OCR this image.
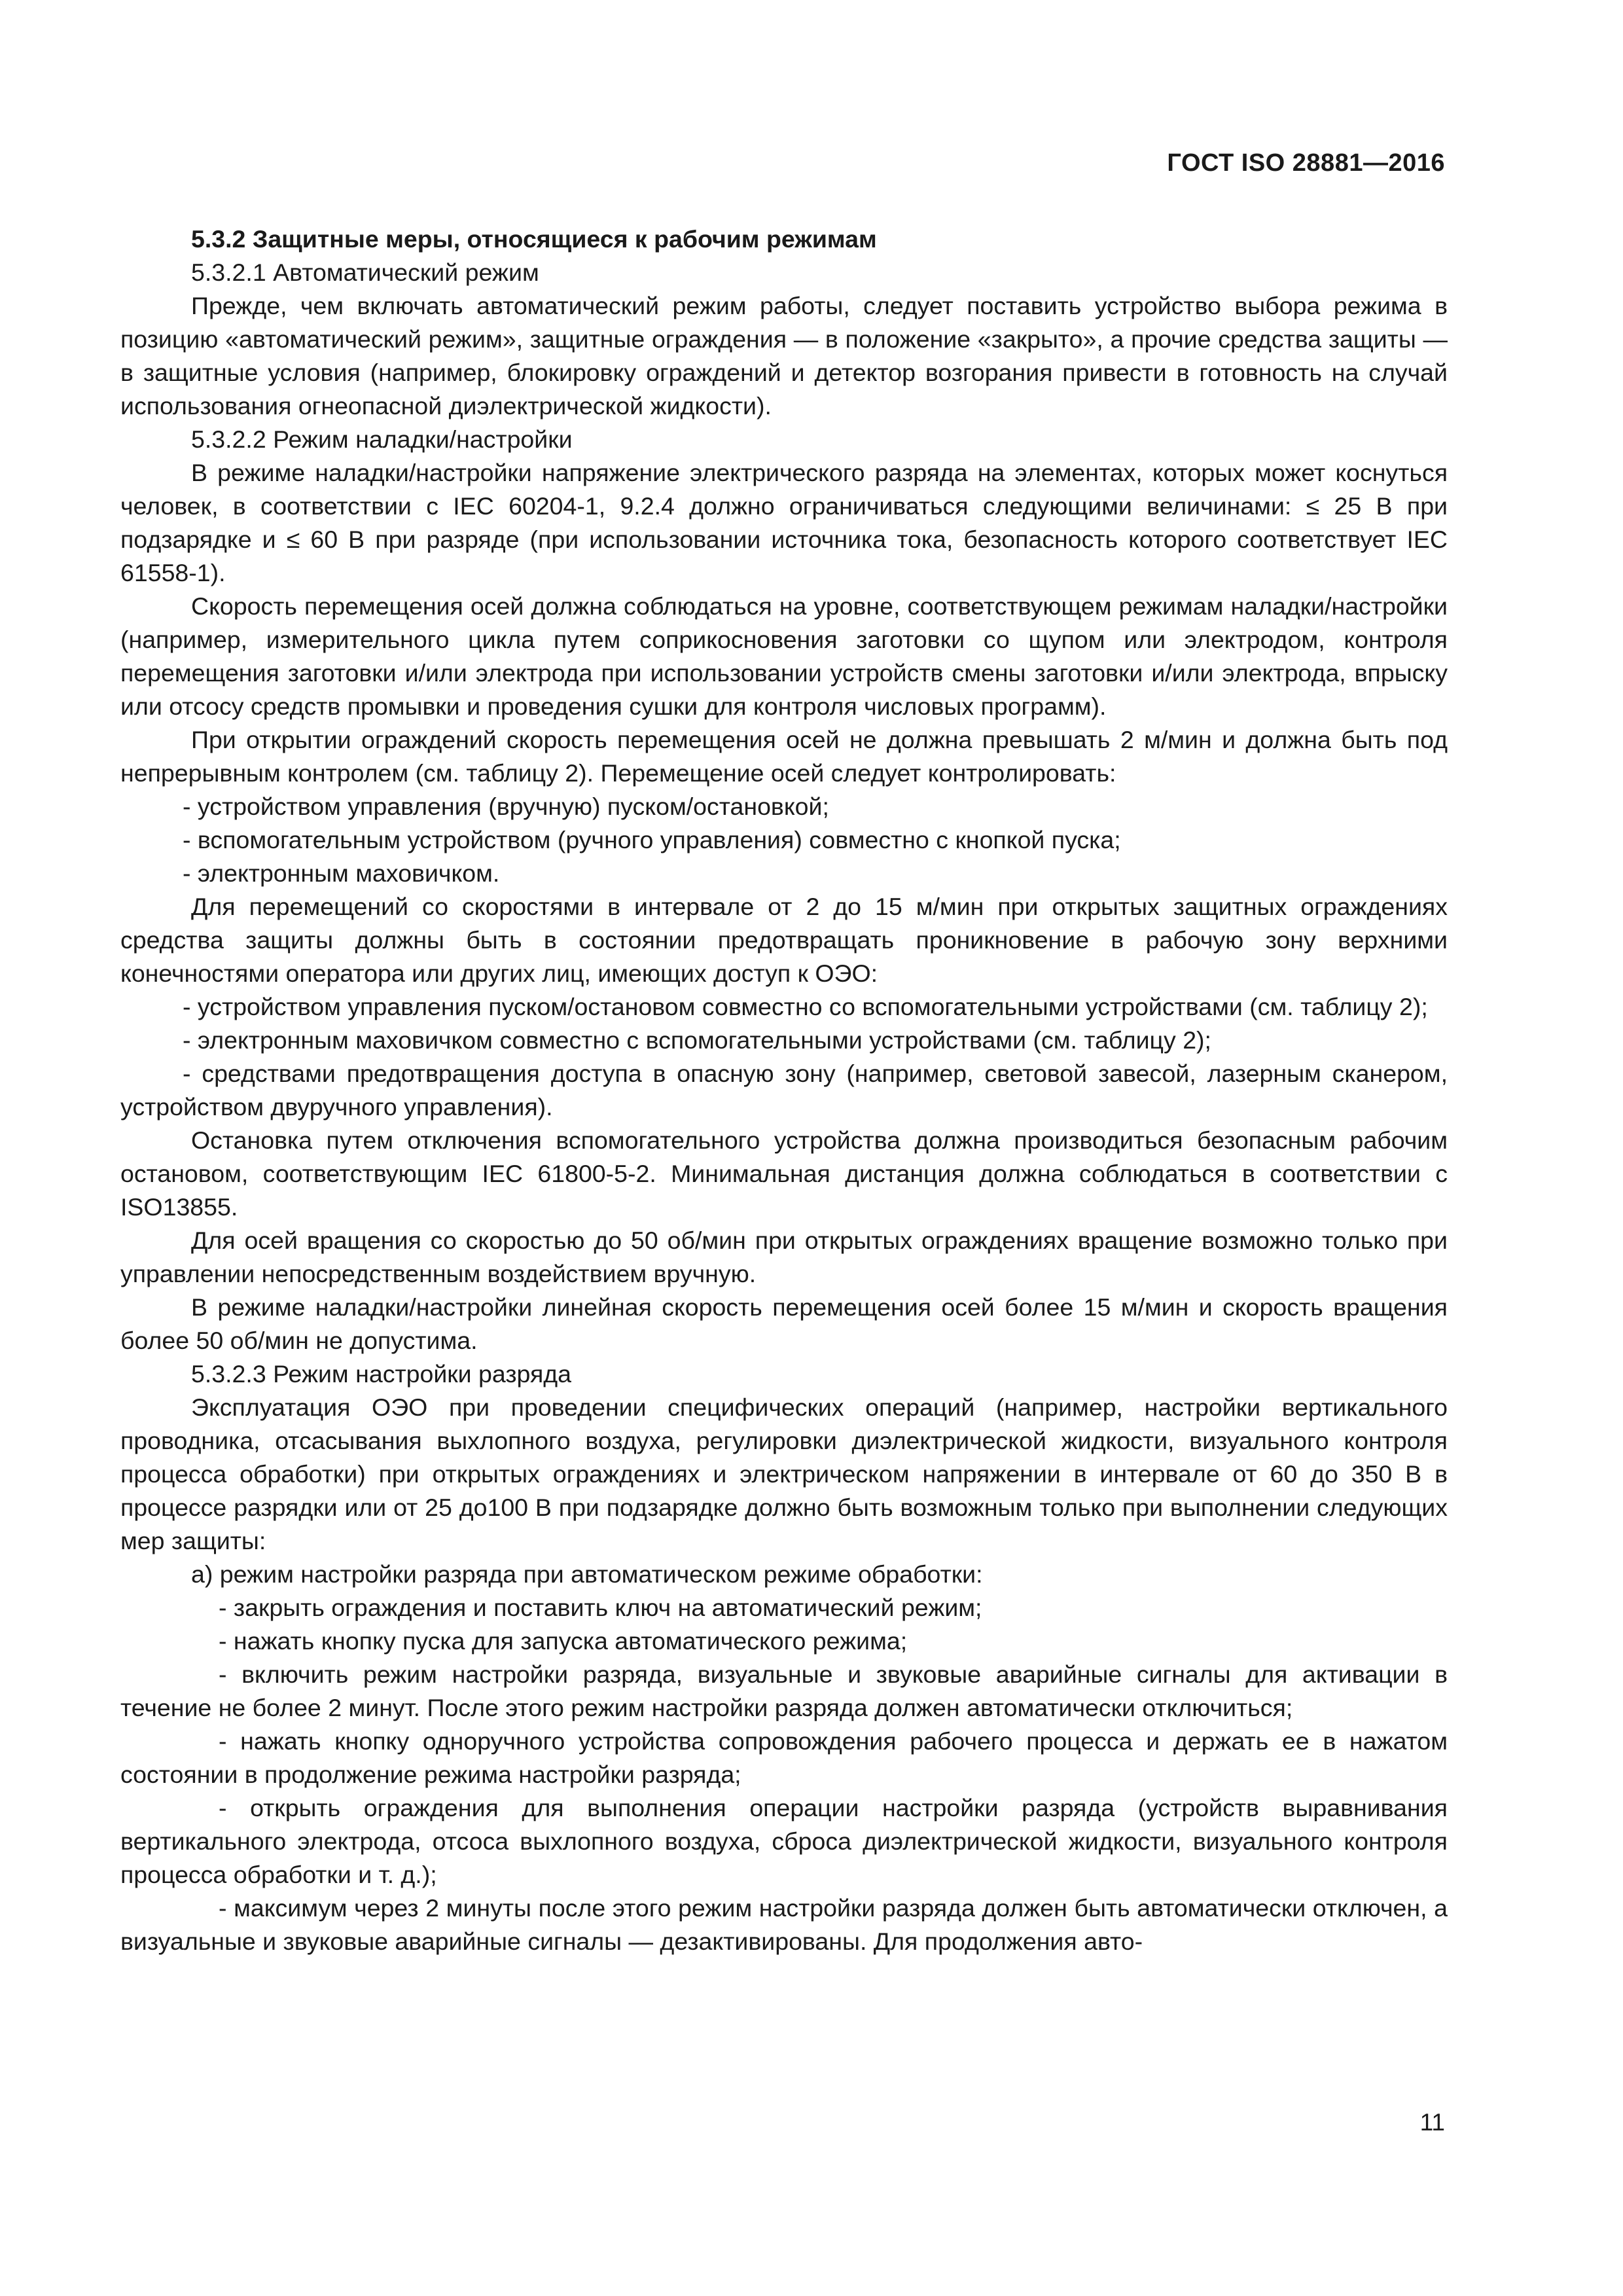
ГОСТ ISO 28881—2016

5.3.2 Защитные меры, относящиеся к рабочим режимам

5.3.2.1 Автоматический режим

Прежде, чем включать автоматический режим работы, следует поставить устройство выбора режима в позицию «автоматический режим», защитные ограждения — в положение «закрыто», а прочие средства защиты — в защитные условия (например, блокировку ограждений и детектор возгорания привести в готовность на случай использования огнеопасной диэлектрической жидкости).

5.3.2.2 Режим наладки/настройки

В режиме наладки/настройки напряжение электрического разряда на элементах, которых может коснуться человек, в соответствии с IEC 60204-1, 9.2.4 должно ограничиваться следующими величинами: ≤ 25 В при подзарядке и ≤ 60 В при разряде (при использовании источника тока, безопасность которого соответствует IEC 61558-1).

Скорость перемещения осей должна соблюдаться на уровне, соответствующем режимам наладки/настройки (например, измерительного цикла путем соприкосновения заготовки со щупом или электродом, контроля перемещения заготовки и/или электрода при использовании устройств смены заготовки и/или электрода, впрыску или отсосу средств промывки и проведения сушки для контроля числовых программ).

При открытии ограждений скорость перемещения осей не должна превышать 2 м/мин и должна быть под непрерывным контролем (см. таблицу 2). Перемещение осей следует контролировать:

- устройством управления (вручную) пуском/остановкой;

- вспомогательным устройством (ручного управления) совместно с кнопкой пуска;

- электронным маховичком.

Для перемещений со скоростями в интервале от 2 до 15 м/мин при открытых защитных ограждениях средства защиты должны быть в состоянии предотвращать проникновение в рабочую зону верхними конечностями оператора или других лиц, имеющих доступ к ОЭО:

- устройством управления пуском/остановом совместно со вспомогательными устройствами (см. таблицу 2);

- электронным маховичком совместно с вспомогательными устройствами (см. таблицу 2);

- средствами предотвращения доступа в опасную зону (например, световой завесой, лазерным сканером, устройством двуручного управления).

Остановка путем отключения вспомогательного устройства должна производиться безопасным рабочим остановом, соответствующим IEC 61800-5-2. Минимальная дистанция должна соблюдаться в соответствии с ISO13855.

Для осей вращения со скоростью до 50 об/мин при открытых ограждениях вращение возможно только при управлении непосредственным воздействием вручную.

В режиме наладки/настройки линейная скорость перемещения осей более 15 м/мин и скорость вращения более 50 об/мин не допустима.

5.3.2.3 Режим настройки разряда

Эксплуатация ОЭО при проведении специфических операций (например, настройки вертикального проводника, отсасывания выхлопного воздуха, регулировки диэлектрической жидкости, визуального контроля процесса обработки) при открытых ограждениях и электрическом напряжении в интервале от 60 до 350 В в процессе разрядки или от 25 до100 В при подзарядке должно быть возможным только при выполнении следующих мер защиты:

а) режим настройки разряда при автоматическом режиме обработки:

- закрыть ограждения и поставить ключ на автоматический режим;

- нажать кнопку пуска для запуска автоматического режима;

- включить режим настройки разряда, визуальные и звуковые аварийные сигналы для активации в течение не более 2 минут. После этого режим настройки разряда должен автоматически отключиться;

- нажать кнопку одноручного устройства сопровождения рабочего процесса и держать ее в нажатом состоянии в продолжение режима настройки разряда;

- открыть ограждения для выполнения операции настройки разряда (устройств выравнивания вертикального электрода, отсоса выхлопного воздуха, сброса диэлектрической жидкости, визуального контроля процесса обработки и т. д.);

- максимум через 2 минуты после этого режим настройки разряда должен быть автоматически отключен, а визуальные и звуковые аварийные сигналы — дезактивированы. Для продолжения авто-

11
